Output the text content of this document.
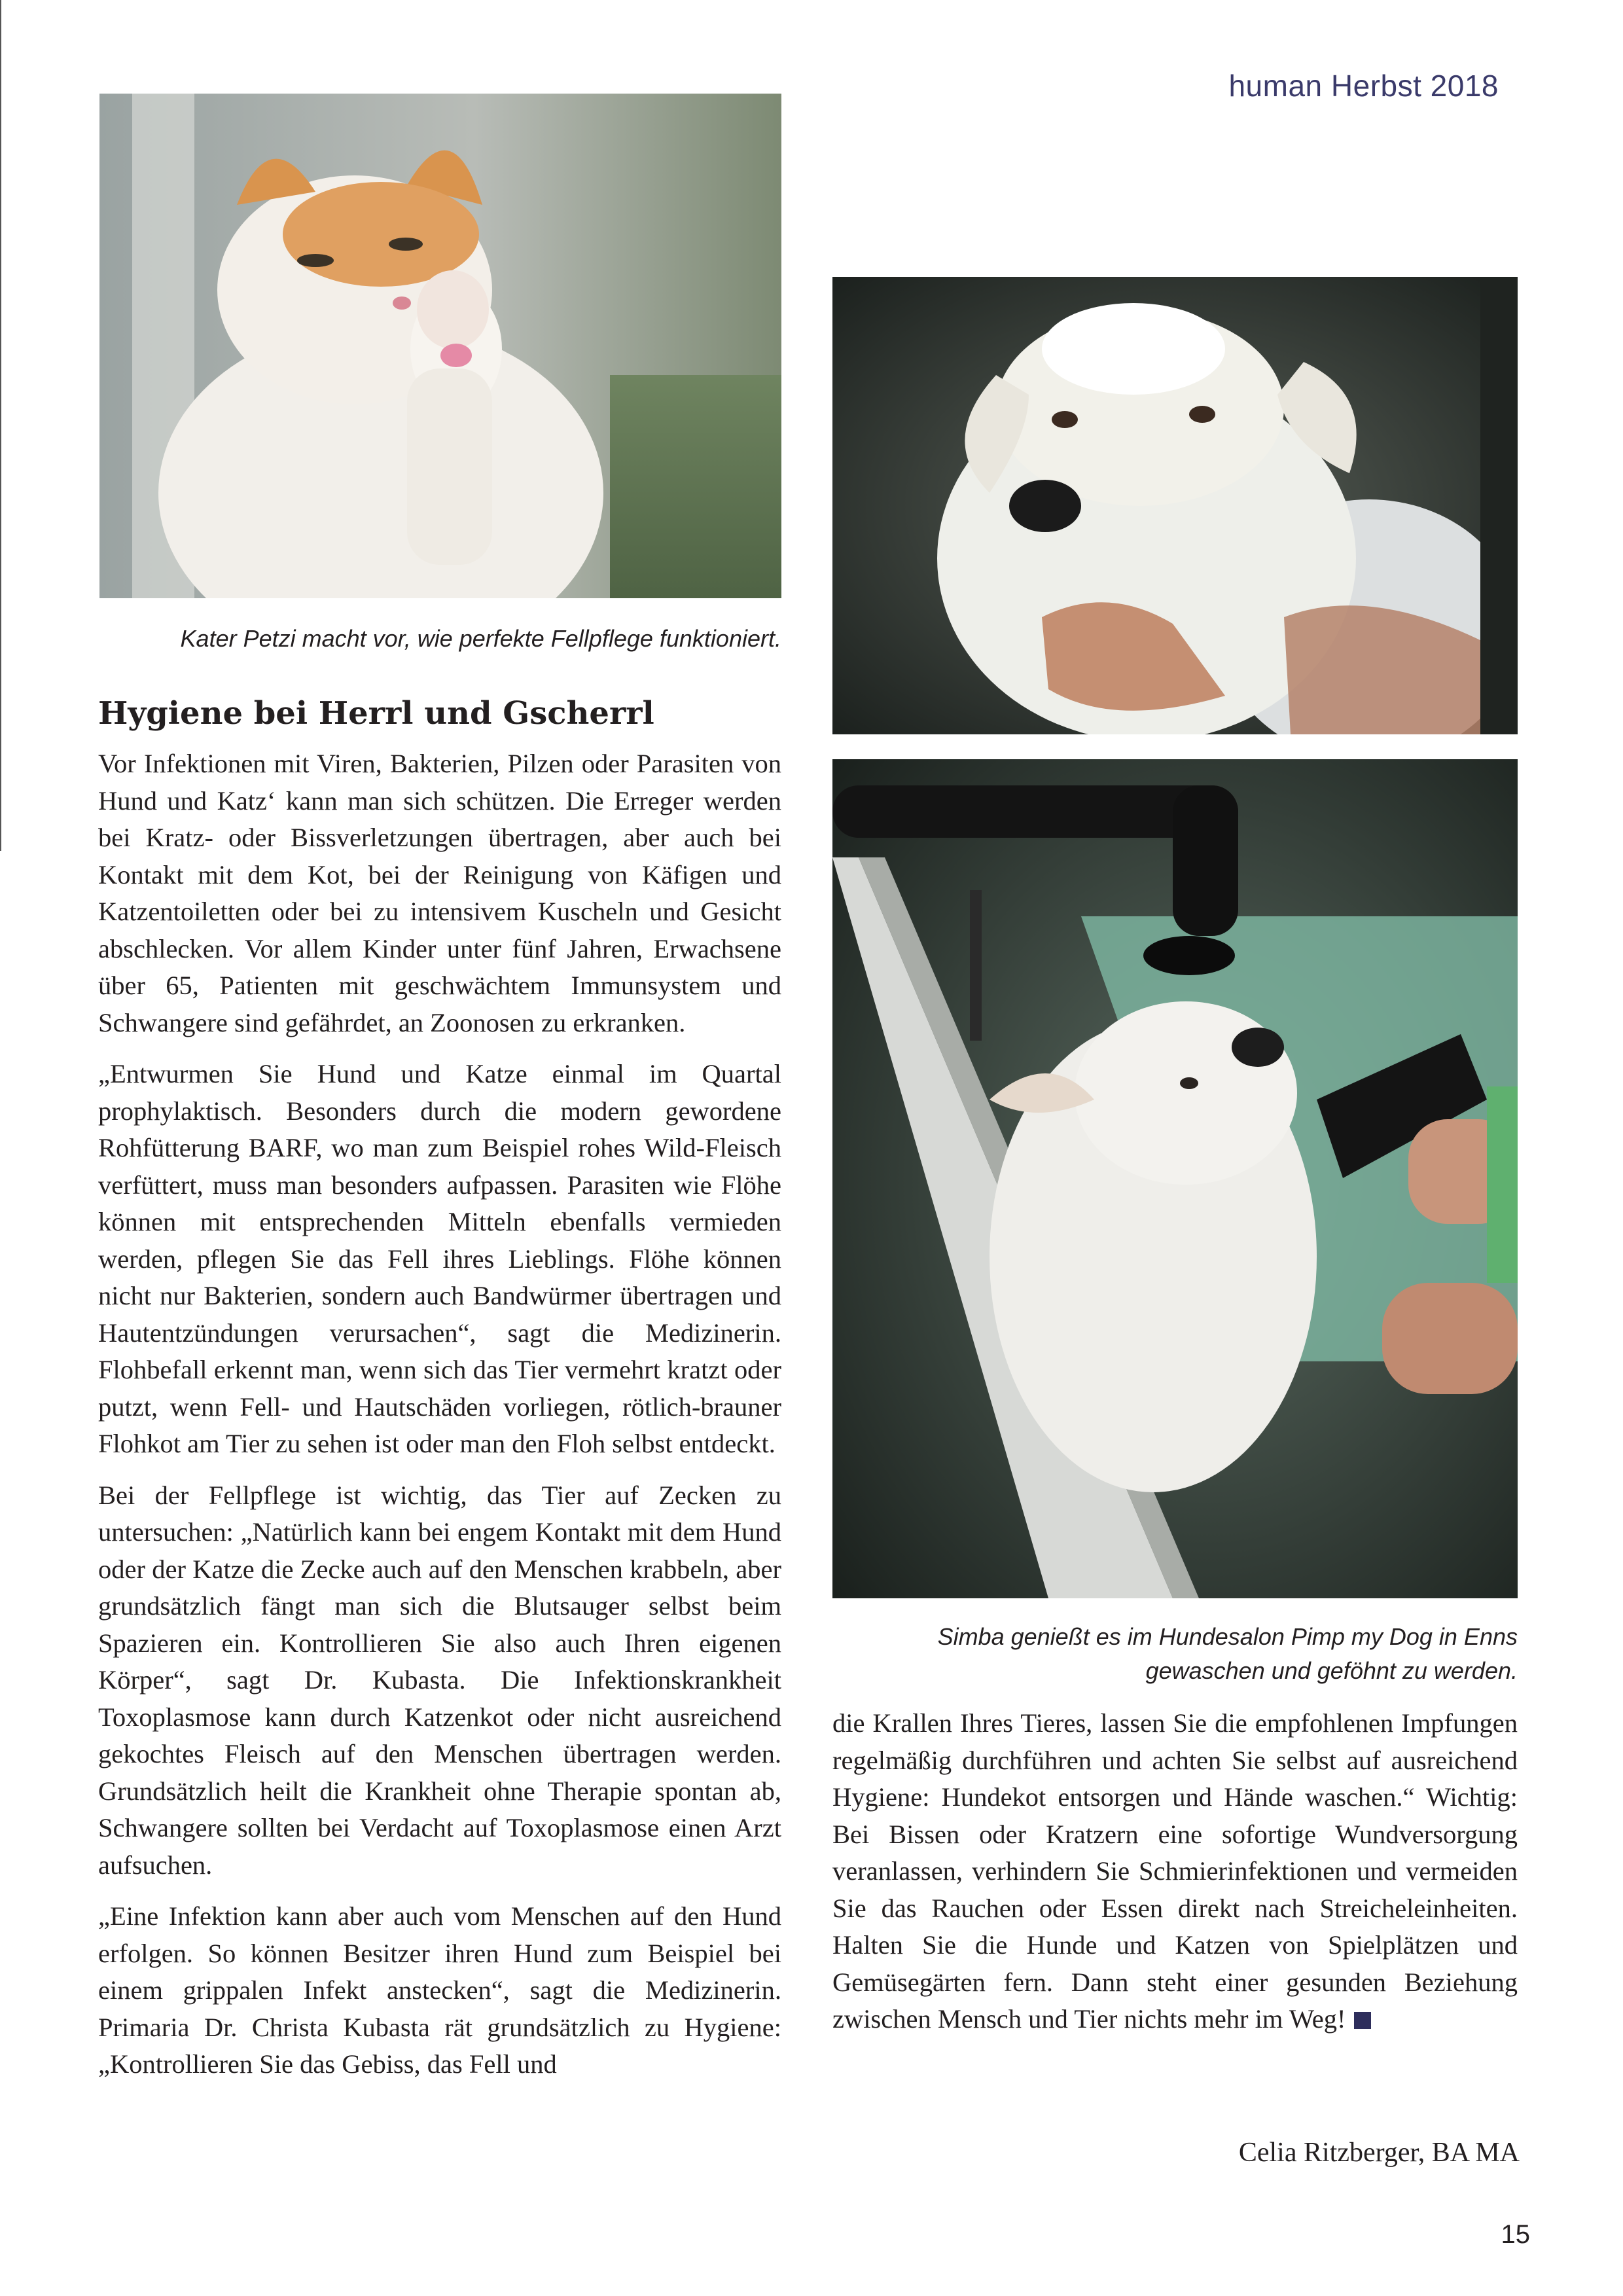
human Herbst 2018
Kater Petzi macht vor, wie perfekte Fellpflege funktioniert.
Simba genießt es im Hundesalon Pimp my Dog in Enns
gewaschen und geföhnt zu werden.
Hygiene bei Herrl und Gscherrl

Vor Infektionen mit Viren, Bakterien, Pilzen oder Parasiten von Hund und Katz‘ kann man sich schützen. Die Erreger werden bei Kratz- oder Bissverletzungen übertragen, aber auch bei Kontakt mit dem Kot, bei der Reinigung von Käfigen und Katzentoiletten oder bei zu intensivem Kuscheln und Gesicht abschlecken. Vor allem Kinder unter fünf Jahren, Erwachsene über 65, Patienten mit geschwächtem Immunsystem und Schwangere sind gefährdet, an Zoonosen zu erkranken.

„Entwurmen Sie Hund und Katze einmal im Quartal prophylaktisch. Besonders durch die modern gewordene Rohfütterung BARF, wo man zum Beispiel rohes Wild-Fleisch verfüttert, muss man besonders aufpassen. Parasiten wie Flöhe können mit entsprechenden Mitteln ebenfalls vermieden werden, pflegen Sie das Fell ihres Lieblings. Flöhe können nicht nur Bakterien, sondern auch Bandwürmer übertragen und Hautentzündungen verursachen“, sagt die Medizinerin. Flohbefall erkennt man, wenn sich das Tier vermehrt kratzt oder putzt, wenn Fell- und Hautschäden vorliegen, rötlich-brauner Flohkot am Tier zu sehen ist oder man den Floh selbst entdeckt.

Bei der Fellpflege ist wichtig, das Tier auf Zecken zu untersuchen: „Natürlich kann bei engem Kontakt mit dem Hund oder der Katze die Zecke auch auf den Menschen krabbeln, aber grundsätzlich fängt man sich die Blutsauger selbst beim Spazieren ein. Kontrollieren Sie also auch Ihren eigenen Körper“, sagt Dr. Kubasta. Die Infektionskrankheit Toxoplasmose kann durch Katzenkot oder nicht ausreichend gekochtes Fleisch auf den Menschen übertragen werden. Grundsätzlich heilt die Krankheit ohne Therapie spontan ab, Schwangere sollten bei Verdacht auf Toxoplasmose einen Arzt aufsuchen.

„Eine Infektion kann aber auch vom Menschen auf den Hund erfolgen. So können Besitzer ihren Hund zum Beispiel bei einem grippalen Infekt anstecken“, sagt die Medizinerin. Primaria Dr. Christa Kubasta rät grundsätzlich zu Hygiene: „Kontrollieren Sie das Gebiss, das Fell und

die Krallen Ihres Tieres, lassen Sie die empfohlenen Impfungen regelmäßig durchführen und achten Sie selbst auf ausreichend Hygiene: Hundekot entsorgen und Hände waschen.“ Wichtig: Bei Bissen oder Kratzern eine sofortige Wundversorgung veranlassen, verhindern Sie Schmierinfektionen und vermeiden Sie das Rauchen oder Essen direkt nach Streicheleinheiten. Halten Sie die Hunde und Katzen von Spielplätzen und Gemüsegärten fern. Dann steht einer gesunden Beziehung zwischen Mensch und Tier nichts mehr im Weg!

Celia Ritzberger, BA MA
15
